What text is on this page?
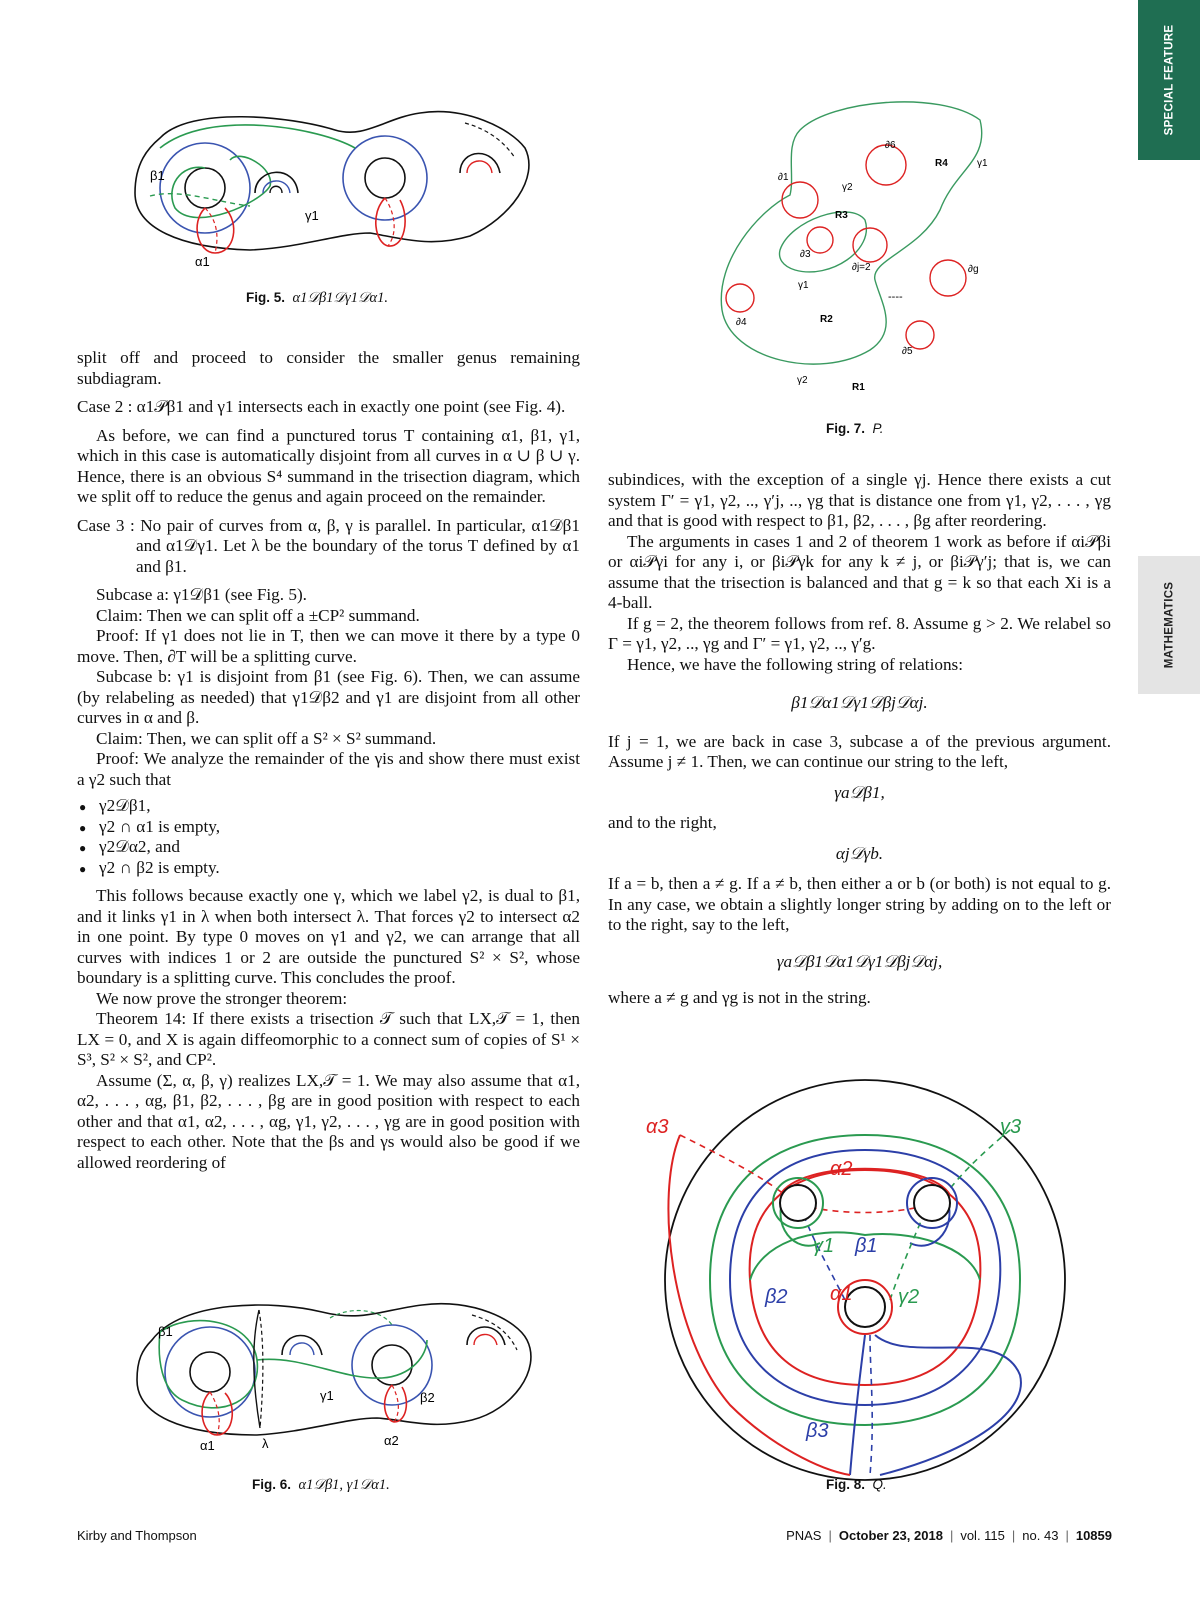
SPECIAL FEATURE
MATHEMATICS
β1
γ1
α1
Fig. 5. α1𝒟β1𝒟γ1𝒟α1.
∂6
R4	γ1
∂1
γ2
R3
∂3
∂j=2	∂g
γ1
----
∂4	R2
∂5
γ2
R1
Fig. 7. P.

split off and proceed to consider the smaller genus remaining subdiagram.

Case 2 : α1𝒫β1 and γ1 intersects each in exactly one point (see Fig. 4).

As before, we can find a punctured torus T containing α1, β1, γ1, which in this case is automatically disjoint from all curves in α ∪ β ∪ γ. Hence, there is an obvious S⁴ summand in the trisection diagram, which we split off to reduce the genus and again proceed on the remainder.

Case 3 : No pair of curves from α, β, γ is parallel. In particular, α1𝒟β1 and α1𝒟γ1. Let λ be the boundary of the torus T defined by α1 and β1.

Subcase a: γ1𝒟β1 (see Fig. 5).

Claim: Then we can split off a ±CP² summand.

Proof: If γ1 does not lie in T, then we can move it there by a type 0 move. Then, ∂T will be a splitting curve.

Subcase b: γ1 is disjoint from β1 (see Fig. 6). Then, we can assume (by relabeling as needed) that γ1𝒟β2 and γ1 are disjoint from all other curves in α and β.

Claim: Then, we can split off a S² × S² summand.

Proof: We analyze the remainder of the γis and show there must exist a γ2 such that

● γ2𝒟β1,
● γ2 ∩ α1 is empty,
● γ2𝒟α2, and
● γ2 ∩ β2 is empty.

This follows because exactly one γ, which we label γ2, is dual to β1, and it links γ1 in λ when both intersect λ. That forces γ2 to intersect α2 in one point. By type 0 moves on γ1 and γ2, we can arrange that all curves with indices 1 or 2 are outside the punctured S² × S², whose boundary is a splitting curve. This concludes the proof.

We now prove the stronger theorem:

Theorem 14: If there exists a trisection 𝒯 such that LX,𝒯 = 1, then LX = 0, and X is again diffeomorphic to a connect sum of copies of S¹ × S³, S² × S², and CP².

Assume (Σ, α, β, γ) realizes LX,𝒯 = 1. We may also assume that α1, α2, . . . , αg, β1, β2, . . . , βg are in good position with respect to each other and that α1, α2, . . . , αg, γ1, γ2, . . . , γg are in good position with respect to each other. Note that the βs and γs would also be good if we allowed reordering of

subindices, with the exception of a single γj. Hence there exists a cut system Γ′ = γ1, γ2, .., γ′j, .., γg that is distance one from γ1, γ2, . . . , γg and that is good with respect to β1, β2, . . . , βg after reordering.

The arguments in cases 1 and 2 of theorem 1 work as before if αi𝒫βi or αi𝒫γi for any i, or βi𝒫γk for any k ≠ j, or βi𝒫γ′j; that is, we can assume that the trisection is balanced and that g = k so that each Xi is a 4-ball.

If g = 2, the theorem follows from ref. 8. Assume g > 2. We relabel so Γ = γ1, γ2, .., γg and Γ′ = γ1, γ2, .., γ′g.

Hence, we have the following string of relations:

β1𝒟α1𝒟γ1𝒟βj𝒟αj.

If j = 1, we are back in case 3, subcase a of the previous argument. Assume j ≠ 1. Then, we can continue our string to the left,

γa𝒟β1,

and to the right,

αj𝒟γb.

If a = b, then a ≠ g. If a ≠ b, then either a or b (or both) is not equal to g. In any case, we obtain a slightly longer string by adding on to the left or to the right, say to the left,

γa𝒟β1𝒟α1𝒟γ1𝒟βj𝒟αj,

where a ≠ g and γg is not in the string.

α3	γ3
α2
γ1 β1
β2 α1 γ2
β3
Fig. 8. Q.
β1
γ1	β2
α1	λ	α2
Fig. 6. α1𝒟β1, γ1𝒟α1.
Kirby and Thompson	PNAS | October 23, 2018 | vol. 115 | no. 43 | 10859
